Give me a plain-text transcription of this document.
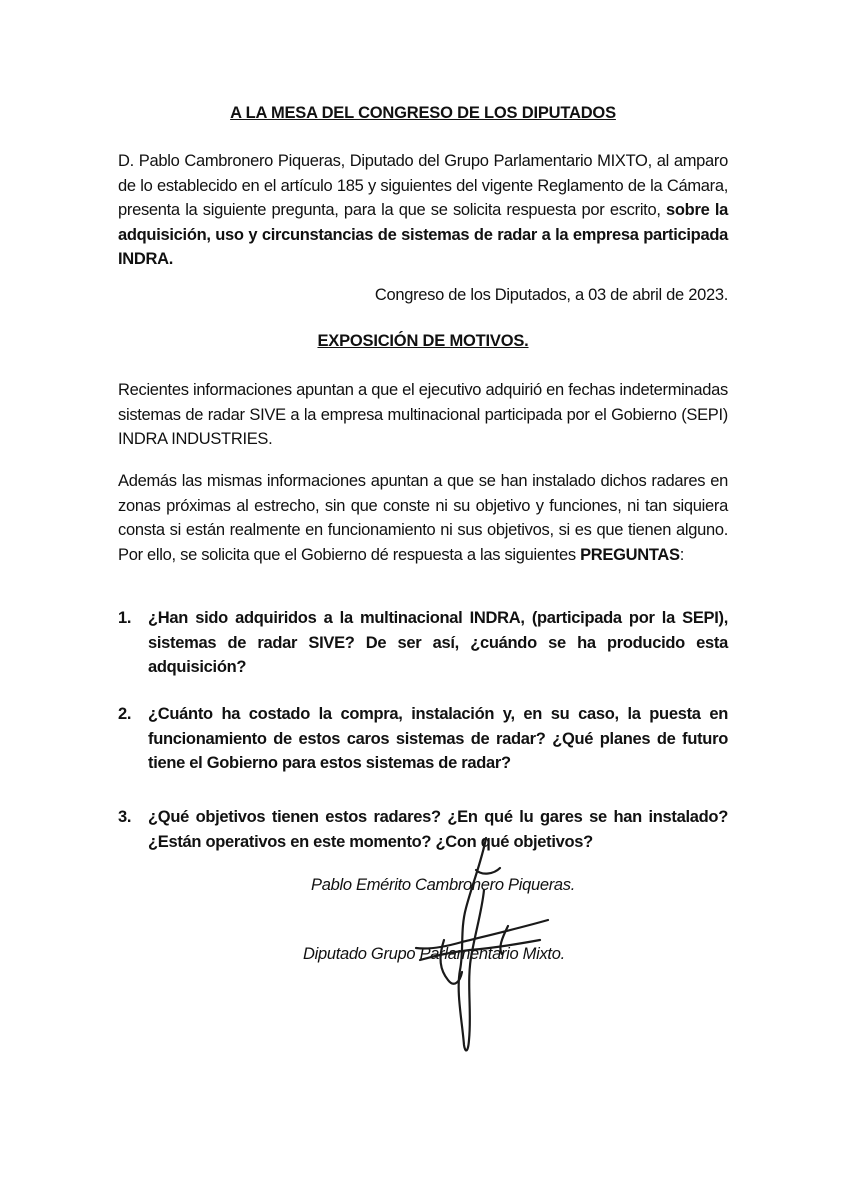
A LA MESA DEL CONGRESO DE LOS DIPUTADOS
D. Pablo Cambronero Piqueras, Diputado del Grupo Parlamentario MIXTO, al amparo de lo establecido en el artículo 185 y siguientes del vigente Reglamento de la Cámara, presenta la siguiente pregunta, para la que se solicita respuesta por escrito, sobre la adquisición, uso y circunstancias de sistemas de radar a la empresa participada INDRA.
Congreso de los Diputados, a 03 de abril de 2023.
EXPOSICIÓN DE MOTIVOS.
Recientes informaciones apuntan a que el ejecutivo adquirió en fechas indeterminadas sistemas de radar SIVE a la empresa multinacional participada por el Gobierno (SEPI) INDRA INDUSTRIES.
Además las mismas informaciones apuntan a que se han instalado dichos radares en zonas próximas al estrecho, sin que conste ni su objetivo y funciones, ni tan siquiera consta si están realmente en funcionamiento ni sus objetivos, si es que tienen alguno. Por ello, se solicita que el Gobierno dé respuesta a las siguientes PREGUNTAS:
1.	¿Han sido adquiridos a la multinacional INDRA, (participada por la SEPI), sistemas de radar SIVE? De ser así, ¿cuándo se ha producido esta adquisición?
2.	¿Cuánto ha costado la compra, instalación y, en su caso, la puesta en funcionamiento de estos caros sistemas de radar? ¿Qué planes de futuro tiene el Gobierno para estos sistemas de radar?
3.	¿Qué objetivos tienen estos radares? ¿En qué lu gares se han instalado? ¿Están operativos en este momento? ¿Con qué objetivos?
Pablo Emérito Cambronero Piqueras.
Diputado Grupo Parlamentario Mixto.
